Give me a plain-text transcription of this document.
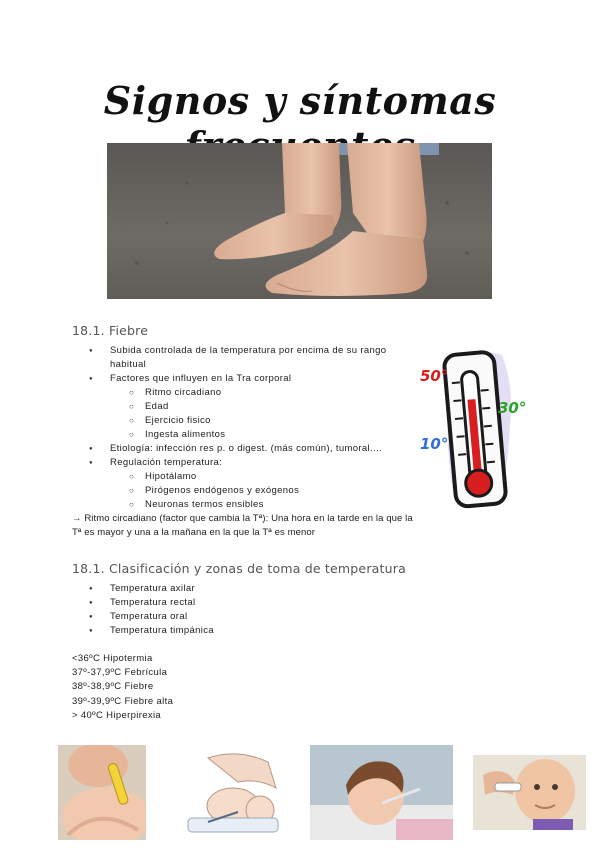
Signos y síntomas
18.1. Fiebre
● Subida controlada de la temperatura por encima de su rango habitual
● Factores que influyen en la Tra corporal
○ Ritmo circadiano
○ Edad
○ Ejercicio fisico
○ Ingesta alimentos
● Etiología: infección res p. o digest. (más común), tumoral....
● Regulación temperatura:
○ Hipotálamo
○ Pirógenos endógenos y exógenos
○ Neuronas termos ensibles
→ Ritmo circadiano (factor que cambia la Tª): Una hora en la tarde en la que la Tª es mayor y una a la mañana en la que la Tª es menor
50°
30°
10°
18.1. Clasificación y zonas de toma de temperatura
● Temperatura axilar
● Temperatura rectal
● Temperatura oral
● Temperatura timpánica
<36ºC Hipotermia
37º-37,9ºC Febrícula
38º-38,9ºC Fiebre
39º-39,9ºC Fiebre alta
> 40ºC Hiperpirexia
